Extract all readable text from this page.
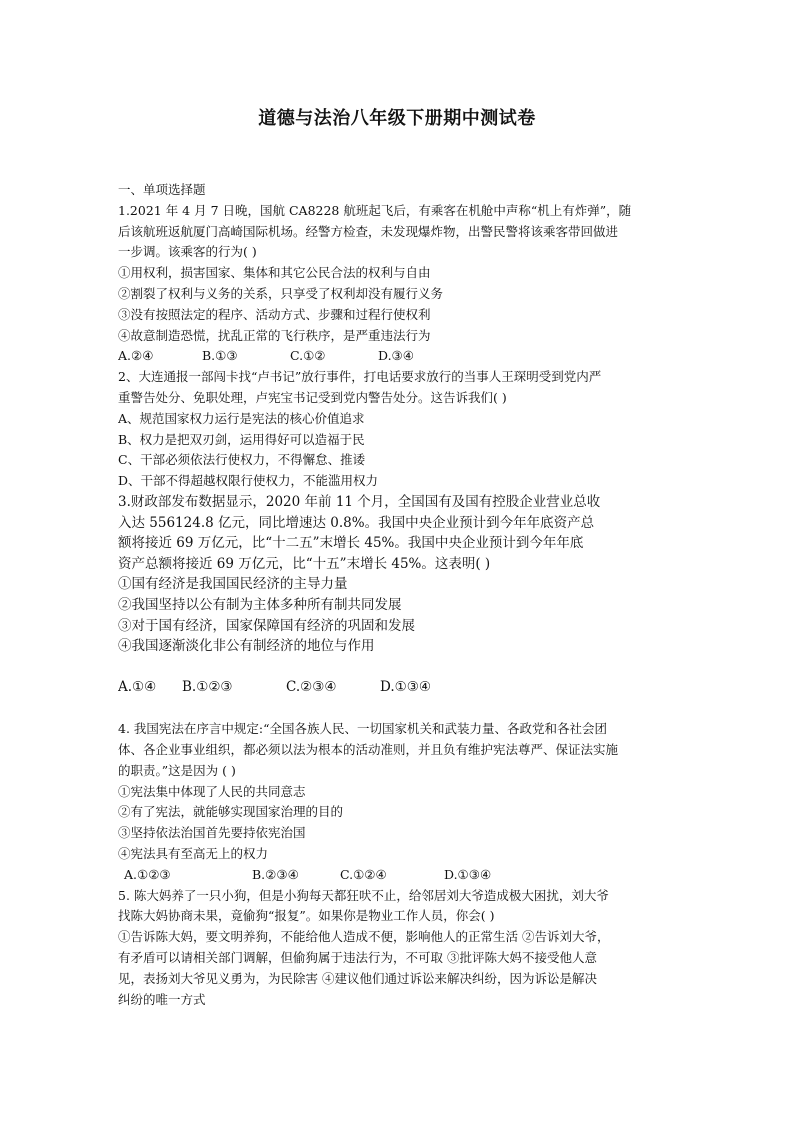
道德与法治八年级下册期中测试卷
一、单项选择题
1.2021 年 4 月 7 日晚，国航 CA8228 航班起飞后，有乘客在机舱中声称“机上有炸弹”，随
后该航班返航厦门高崎国际机场。经警方检查，未发现爆炸物，出警民警将该乘客带回做进
一步调。该乘客的行为( )
①用权利，损害国家、集体和其它公民合法的权利与自由
②割裂了权利与义务的关系，只享受了权利却没有履行义务
③没有按照法定的程序、活动方式、步骤和过程行使权利
④故意制造恐慌，扰乱正常的飞行秩序，是严重违法行为
A.②④	B.①③	C.①②	D.③④
2、大连通报一部闯卡找“卢书记”放行事件，打电话要求放行的当事人王琛明受到党内严
重警告处分、免职处理，卢宪宝书记受到党内警告处分。这告诉我们( )
A、规范国家权力运行是宪法的核心价值追求
B、权力是把双刃剑，运用得好可以造福于民
C、干部必须依法行使权力，不得懈怠、推诿
D、干部不得超越权限行使权力，不能滥用权力
3.财政部发布数据显示，2020 年前 11 个月，全国国有及国有控股企业营业总收
入达 556124.8 亿元，同比增速达 0.8%。我国中央企业预计到今年年底资产总
额将接近 69 万亿元，比“十二五”末增长 45%。我国中央企业预计到今年年底
资产总额将接近 69 万亿元，比“十五”末增长 45%。这表明( )
①国有经济是我国国民经济的主导力量
②我国坚持以公有制为主体多种所有制共同发展
③对于国有经济，国家保障国有经济的巩固和发展
④我国逐渐淡化非公有制经济的地位与作用
A.①④	B.①②③	C.②③④	D.①③④
4. 我国宪法在序言中规定:“全国各族人民、一切国家机关和武装力量、各政党和各社会团
体、各企业事业组织，都必须以法为根本的活动准则，并且负有维护宪法尊严、保证法实施
的职责。”这是因为 ( )
①宪法集中体现了人民的共同意志
②有了宪法，就能够实现国家治理的目的
③坚持依法治国首先要持依宪治国
④宪法具有至高无上的权力
A.①②③	B.②③④	C.①②④	D.①③④
5. 陈大妈养了一只小狗，但是小狗每天都狂吠不止，给邻居刘大爷造成极大困扰，刘大爷
找陈大妈协商未果，竟偷狗“报复”。如果你是物业工作人员，你会( )
①告诉陈大妈，要文明养狗，不能给他人造成不便，影响他人的正常生活 ②告诉刘大爷，
有矛盾可以请相关部门调解，但偷狗属于违法行为，不可取 ③批评陈大妈不接受他人意
见，表扬刘大爷见义勇为，为民除害 ④建议他们通过诉讼来解决纠纷，因为诉讼是解决
纠纷的唯一方式
